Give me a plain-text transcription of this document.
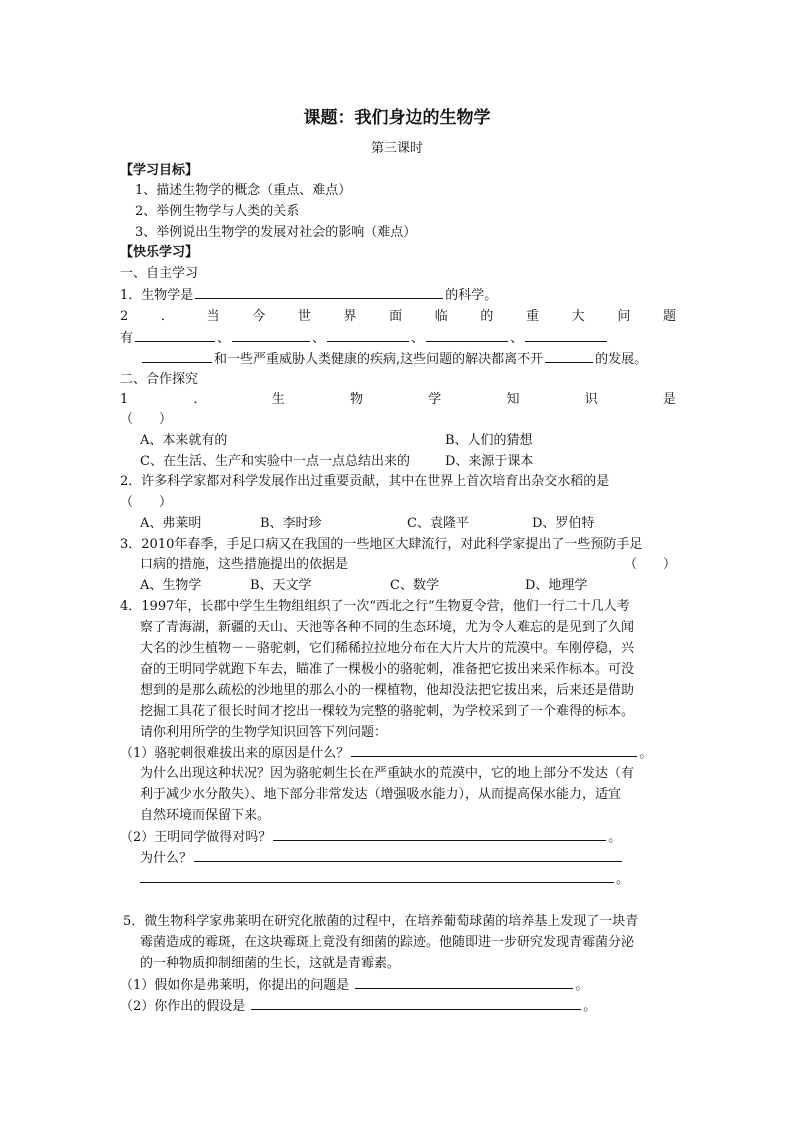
课题：我们身边的生物学
第三课时
【学习目标】
1、描述生物学的概念（重点、难点）
2、举例生物学与人类的关系
3、举例说出生物学的发展对社会的影响（难点）
【快乐学习】
一、自主学习
1．生物学是	的科学。
2	．	当	今	世	界	面	临	的	重	大	问	题
有	、	、	、	、
和一些严重威胁人类健康的疾病,这些问题的解决都离不开	的发展。
二、合作探究
1	．	生	物	学	知	识	是
（　　）
A、本来就有的	B、人们的猜想
C、在生活、生产和实验中一点一点总结出来的	D、来源于课本
2．许多科学家都对科学发展作出过重要贡献，其中在世界上首次培育出杂交水稻的是
（　　）
A、弗莱明	B、李时珍	C、袁隆平	D、罗伯特
3．2010年春季，手足口病又在我国的一些地区大肆流行，对此科学家提出了一些预防手足
口病的措施，这些措施提出的依据是	（　　）
A、生物学	B、天文学	C、数学	D、地理学
4．1997年，长郡中学生生物组组织了一次“西北之行”生物夏令营，他们一行二十几人考
察了青海湖，新疆的天山、天池等各种不同的生态环境，尤为令人难忘的是见到了久闻
大名的沙生植物－－骆驼刺，它们稀稀拉拉地分布在大片大片的荒漠中。车刚停稳，兴
奋的王明同学就跑下车去，瞄准了一棵极小的骆驼刺，准备把它拔出来采作标本。可没
想到的是那么疏松的沙地里的那么小的一棵植物，他却没法把它拔出来，后来还是借助
挖掘工具花了很长时间才挖出一棵较为完整的骆驼刺，为学校采到了一个难得的标本。
请你利用所学的生物学知识回答下列问题：
（1）骆驼刺很难拔出来的原因是什么？	。
为什么出现这种状况？因为骆驼刺生长在严重缺水的荒漠中，它的地上部分不发达（有
利于减少水分散失）、地下部分非常发达（增强吸水能力），从而提高保水能力，适宜
自然环境而保留下来。
（2）王明同学做得对吗？	。
为什么？
。
5．微生物科学家弗莱明在研究化脓菌的过程中，在培养葡萄球菌的培养基上发现了一块青
霉菌造成的霉斑，在这块霉斑上竟没有细菌的踪迹。他随即进一步研究发现青霉菌分泌
的一种物质抑制细菌的生长，这就是青霉素。
（1）假如你是弗莱明，你提出的问题是	。
（2）你作出的假设是	。
